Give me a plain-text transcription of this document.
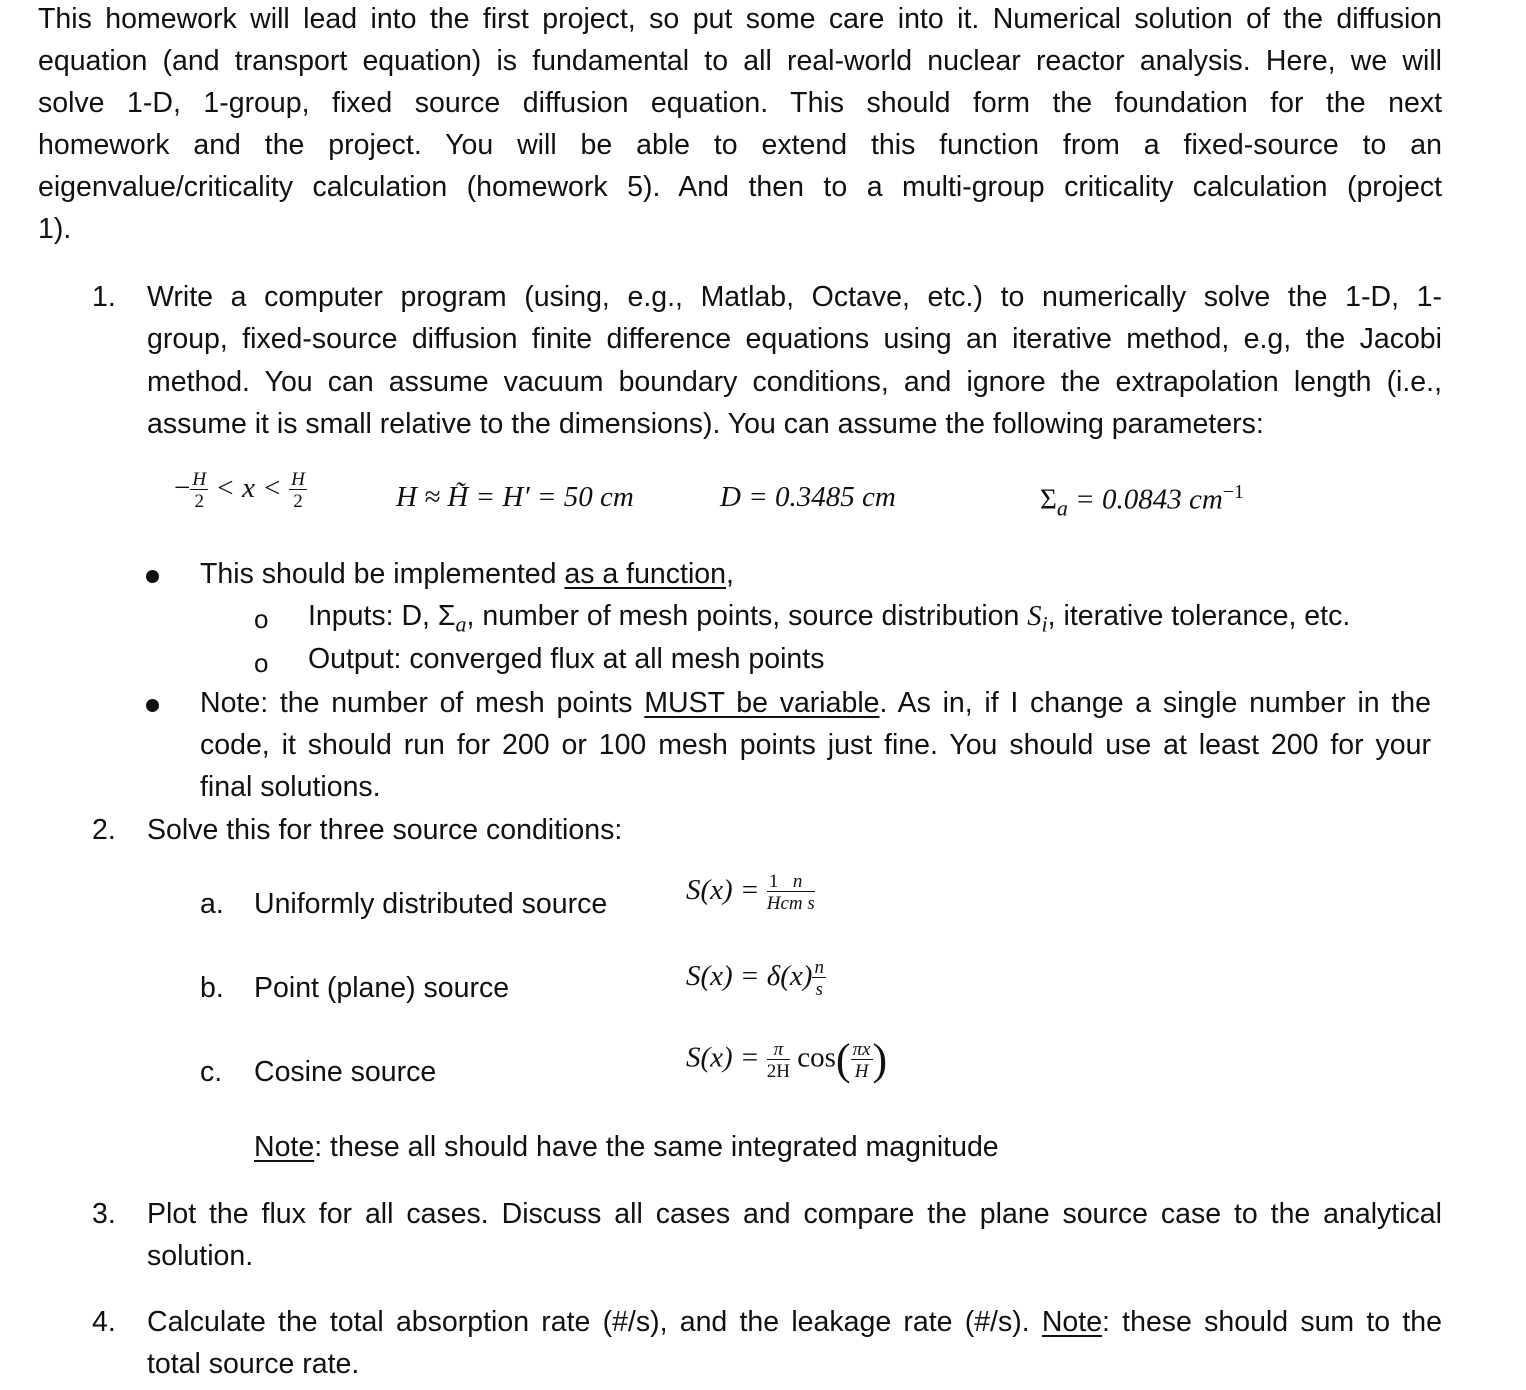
This homework will lead into the first project, so put some care into it. Numerical solution of the diffusion
equation (and transport equation) is fundamental to all real-world nuclear reactor analysis. Here, we will
solve 1-D, 1-group, fixed source diffusion equation. This should form the foundation for the next
homework and the project. You will be able to extend this function from a fixed-source to an
eigenvalue/criticality calculation (homework 5). And then to a multi-group criticality calculation (project
1).
1. Write a computer program (using, e.g., Matlab, Octave, etc.) to numerically solve the 1-D, 1-
group, fixed-source diffusion finite difference equations using an iterative method, e.g, the Jacobi
method. You can assume vacuum boundary conditions, and ignore the extrapolation length (i.e.,
assume it is small relative to the dimensions). You can assume the following parameters:
− $\frac{H}{2} < x < \frac{H}{2}$	H ≈ H̃ = H′ = 50 cm	D = 0.3485 cm	$\Sigma_a = 0.0843$ $cm^{-1}$
This should be implemented as a function,
o Inputs: D, $\Sigma_a$, number of mesh points, source distribution $S_i$, iterative tolerance, etc.
o Output: converged flux at all mesh points
Note: the number of mesh points MUST be variable. As in, if I change a single number in the
code, it should run for 200 or 100 mesh points just fine. You should use at least 200 for your
final solutions.
2. Solve this for three source conditions:
a. Uniformly distributed source	$S(x) = \frac{1}{H} \frac{n}{\text{cm s}}$
b. Point (plane) source	$S(x) = \delta(x) \frac{n}{s}$
c. Cosine source	$S(x) = \frac{\pi}{2H} \cos( \frac{\pi x}{H}$ )
Note: these all should have the same integrated magnitude
3. Plot the flux for all cases. Discuss all cases and compare the plane source case to the analytical
solution.
4. Calculate the total absorption rate (#/s), and the leakage rate (#/s). Note: these should sum to the
total source rate.
